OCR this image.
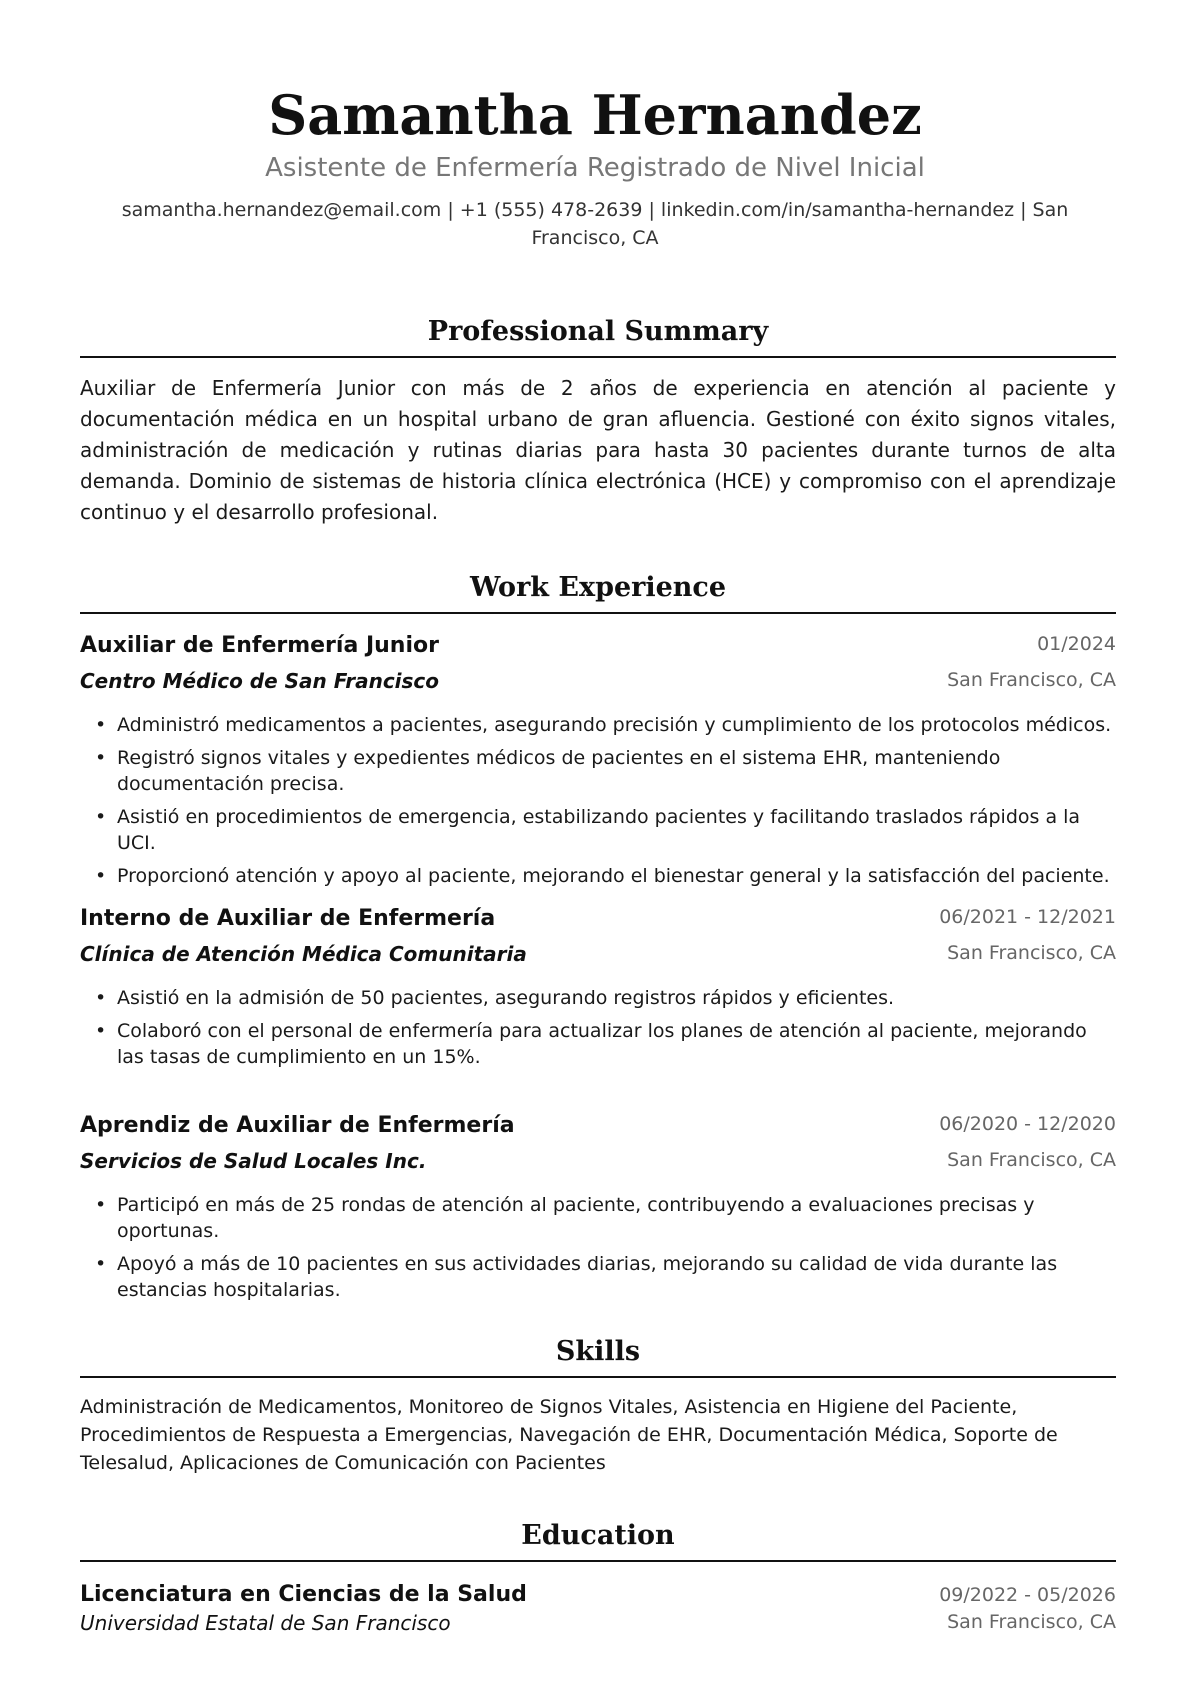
Samantha Hernandez
Asistente de Enfermería Registrado de Nivel Inicial
samantha.hernandez@email.com | +1 (555) 478-2639 | linkedin.com/in/samantha-hernandez | San Francisco, CA
Professional Summary
Auxiliar de Enfermería Junior con más de 2 años de experiencia en atención al paciente y documentación médica en un hospital urbano de gran afluencia. Gestioné con éxito signos vitales, administración de medicación y rutinas diarias para hasta 30 pacientes durante turnos de alta demanda. Dominio de sistemas de historia clínica electrónica (HCE) y compromiso con el aprendizaje continuo y el desarrollo profesional.
Work Experience
Auxiliar de Enfermería Junior	01/2024
Centro Médico de San Francisco	San Francisco, CA
• Administró medicamentos a pacientes, asegurando precisión y cumplimiento de los protocolos médicos.
• Registró signos vitales y expedientes médicos de pacientes en el sistema EHR, manteniendo documentación precisa.
• Asistió en procedimientos de emergencia, estabilizando pacientes y facilitando traslados rápidos a la UCI.
• Proporcionó atención y apoyo al paciente, mejorando el bienestar general y la satisfacción del paciente.
Interno de Auxiliar de Enfermería	06/2021 - 12/2021
Clínica de Atención Médica Comunitaria	San Francisco, CA
• Asistió en la admisión de 50 pacientes, asegurando registros rápidos y eficientes.
• Colaboró con el personal de enfermería para actualizar los planes de atención al paciente, mejorando las tasas de cumplimiento en un 15%.
Aprendiz de Auxiliar de Enfermería	06/2020 - 12/2020
Servicios de Salud Locales Inc.	San Francisco, CA
• Participó en más de 25 rondas de atención al paciente, contribuyendo a evaluaciones precisas y oportunas.
• Apoyó a más de 10 pacientes en sus actividades diarias, mejorando su calidad de vida durante las estancias hospitalarias.
Skills
Administración de Medicamentos, Monitoreo de Signos Vitales, Asistencia en Higiene del Paciente, Procedimientos de Respuesta a Emergencias, Navegación de EHR, Documentación Médica, Soporte de Telesalud, Aplicaciones de Comunicación con Pacientes
Education
Licenciatura en Ciencias de la Salud	09/2022 - 05/2026
Universidad Estatal de San Francisco	San Francisco, CA
